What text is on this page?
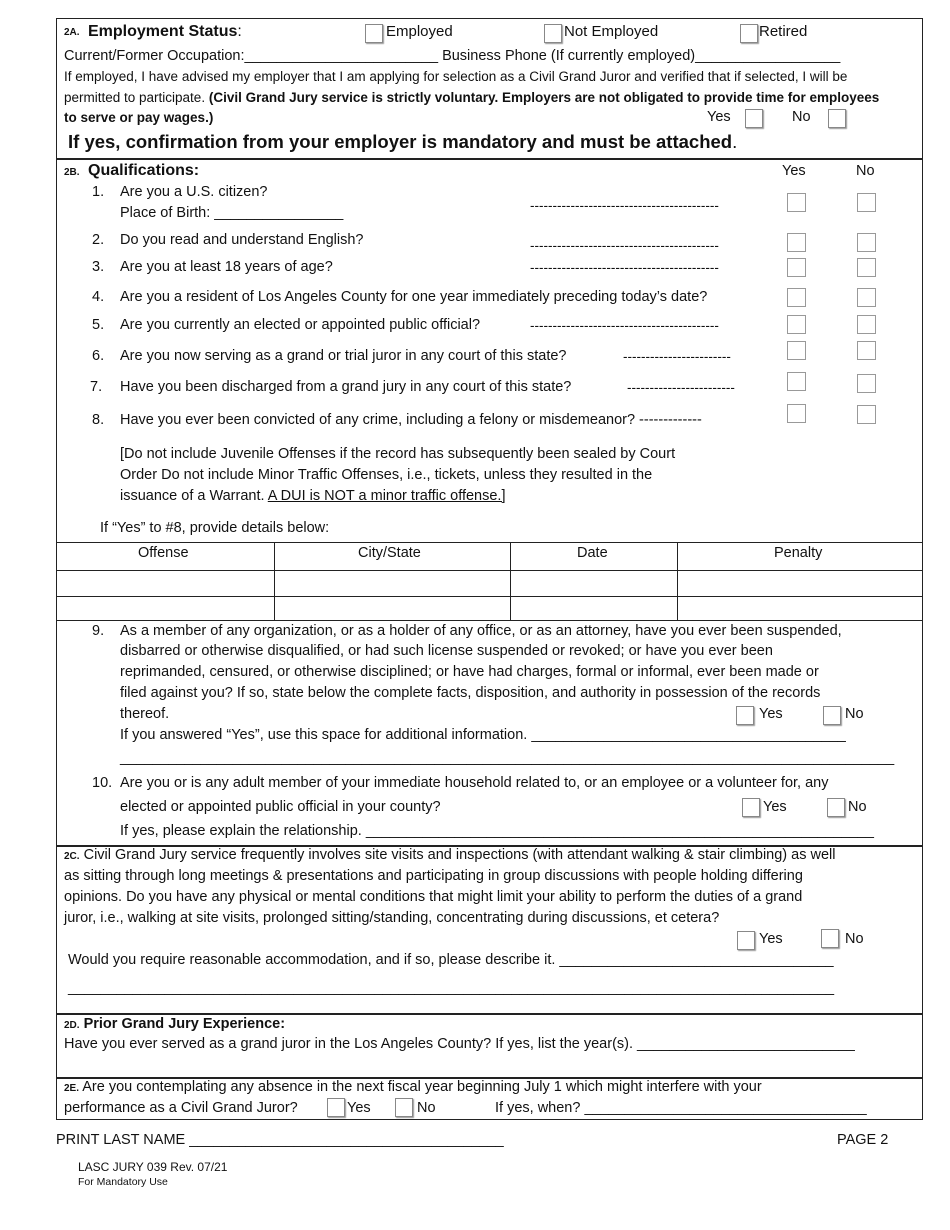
2A. Employment Status:	Employed	Not Employed	Retired
Current/Former Occupation:________________________ Business Phone (If currently employed)__________________
If employed, I have advised my employer that I am applying for selection as a Civil Grand Juror and verified that if selected, I will be
permitted to participate. (Civil Grand Jury service is strictly voluntary. Employers are not obligated to provide time for employees
to serve or pay wages.)	Yes	No
If yes, confirmation from your employer is mandatory and must be attached.
2B. Qualifications:	Yes	No
1. Are you a U.S. citizen?
Place of Birth: ________________	------------------------------------------
2. Do you read and understand English?	------------------------------------------
3. Are you at least 18 years of age?	------------------------------------------
4. Are you a resident of Los Angeles County for one year immediately preceding today’s date?
5. Are you currently an elected or appointed public official?	------------------------------------------
6. Are you now serving as a grand or trial juror in any court of this state?	------------------------
7. Have you been discharged from a grand jury in any court of this state?	------------------------
8. Have you ever been convicted of any crime, including a felony or misdemeanor? -------------
[Do not include Juvenile Offenses if the record has subsequently been sealed by Court
Order Do not include Minor Traffic Offenses, i.e., tickets, unless they resulted in the
issuance of a Warrant. A DUI is NOT a minor traffic offense.]
If “Yes” to #8, provide details below:
Offense	City/State	Date	Penalty
9. As a member of any organization, or as a holder of any office, or as an attorney, have you ever been suspended,
disbarred or otherwise disqualified, or had such license suspended or revoked; or have you ever been
reprimanded, censured, or otherwise disciplined; or have had charges, formal or informal, ever been made or
filed against you? If so, state below the complete facts, disposition, and authority in possession of the records
thereof.	Yes	No
If you answered “Yes”, use this space for additional information. _______________________________________
________________________________________________________________________________________________
10. Are you or is any adult member of your immediate household related to, or an employee or a volunteer for, any
elected or appointed public official in your county?	Yes	No
If yes, please explain the relationship. _______________________________________________________________
2C. Civil Grand Jury service frequently involves site visits and inspections (with attendant walking & stair climbing) as well
as sitting through long meetings & presentations and participating in group discussions with people holding differing
opinions. Do you have any physical or mental conditions that might limit your ability to perform the duties of a grand
juror, i.e., walking at site visits, prolonged sitting/standing, concentrating during discussions, et cetera?
Yes	No
Would you require reasonable accommodation, and if so, please describe it. __________________________________
_______________________________________________________________________________________________
2D. Prior Grand Jury Experience:
Have you ever served as a grand juror in the Los Angeles County? If yes, list the year(s). ___________________________
2E. Are you contemplating any absence in the next fiscal year beginning July 1 which might interfere with your
performance as a Civil Grand Juror?	Yes	No	If yes, when? ___________________________________
PRINT LAST NAME _______________________________________	PAGE 2
LASC JURY 039 Rev. 07/21
For Mandatory Use
